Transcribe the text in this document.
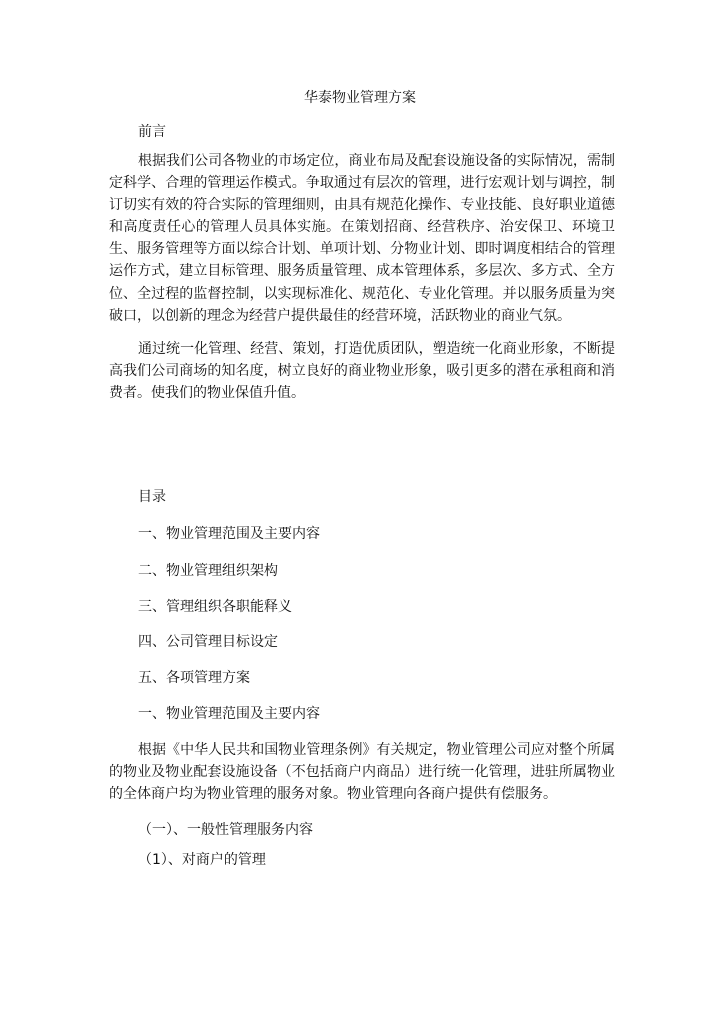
华泰物业管理方案
前言

根据我们公司各物业的市场定位，商业布局及配套设施设备的实际情况，需制定科学、合理的管理运作模式。争取通过有层次的管理，进行宏观计划与调控，制订切实有效的符合实际的管理细则，由具有规范化操作、专业技能、良好职业道德和高度责任心的管理人员具体实施。在策划招商、经营秩序、治安保卫、环境卫生、服务管理等方面以综合计划、单项计划、分物业计划、即时调度相结合的管理运作方式，建立目标管理、服务质量管理、成本管理体系，多层次、多方式、全方位、全过程的监督控制，以实现标准化、规范化、专业化管理。并以服务质量为突破口，以创新的理念为经营户提供最佳的经营环境，活跃物业的商业气氛。

通过统一化管理、经营、策划，打造优质团队，塑造统一化商业形象，不断提高我们公司商场的知名度，树立良好的商业物业形象，吸引更多的潜在承租商和消费者。使我们的物业保值升值。

目录
一、物业管理范围及主要内容
二、物业管理组织架构
三、管理组织各职能释义
四、公司管理目标设定
五、各项管理方案
一、物业管理范围及主要内容

根据《中华人民共和国物业管理条例》有关规定，物业管理公司应对整个所属的物业及物业配套设施设备（不包括商户内商品）进行统一化管理，进驻所属物业的全体商户均为物业管理的服务对象。物业管理向各商户提供有偿服务。

（一）、一般性管理服务内容
（1）、对商户的管理
